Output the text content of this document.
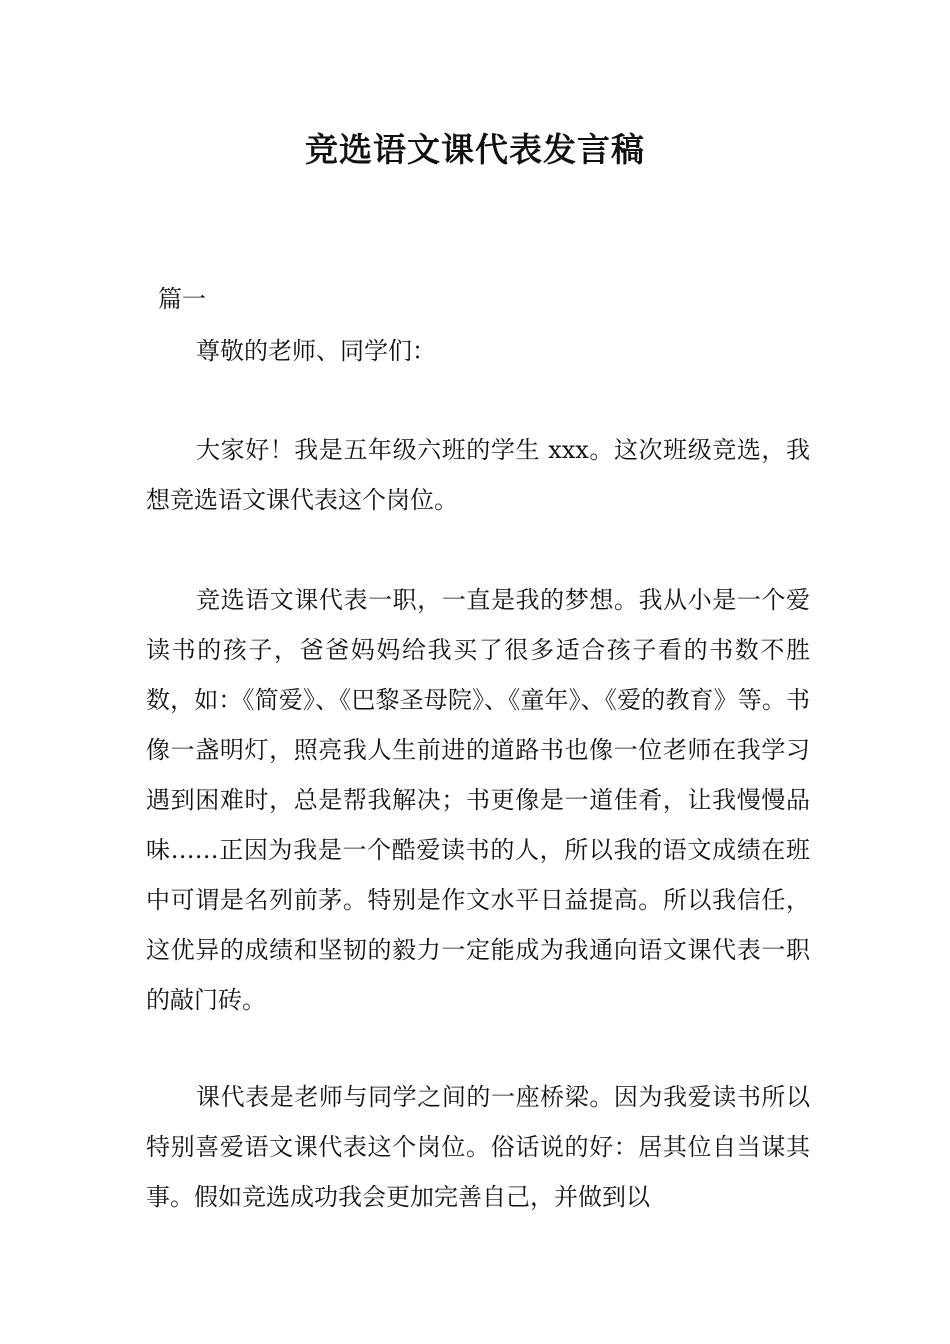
竞选语文课代表发言稿
篇一
尊敬的老师、同学们：

大家好！我是五年级六班的学生 xxx。这次班级竞选，我想竞选语文课代表这个岗位。

竞选语文课代表一职，一直是我的梦想。我从小是一个爱读书的孩子，爸爸妈妈给我买了很多适合孩子看的书数不胜数，如：《简爱》、《巴黎圣母院》、《童年》、《爱的教育》等。书像一盏明灯，照亮我人生前进的道路书也像一位老师在我学习遇到困难时，总是帮我解决；书更像是一道佳肴，让我慢慢品味……正因为我是一个酷爱读书的人，所以我的语文成绩在班中可谓是名列前茅。特别是作文水平日益提高。所以我信任，这优异的成绩和坚韧的毅力一定能成为我通向语文课代表一职的敲门砖。

课代表是老师与同学之间的一座桥梁。因为我爱读书所以特别喜爱语文课代表这个岗位。俗话说的好：居其位自当谋其事。假如竞选成功我会更加完善自己，并做到以
